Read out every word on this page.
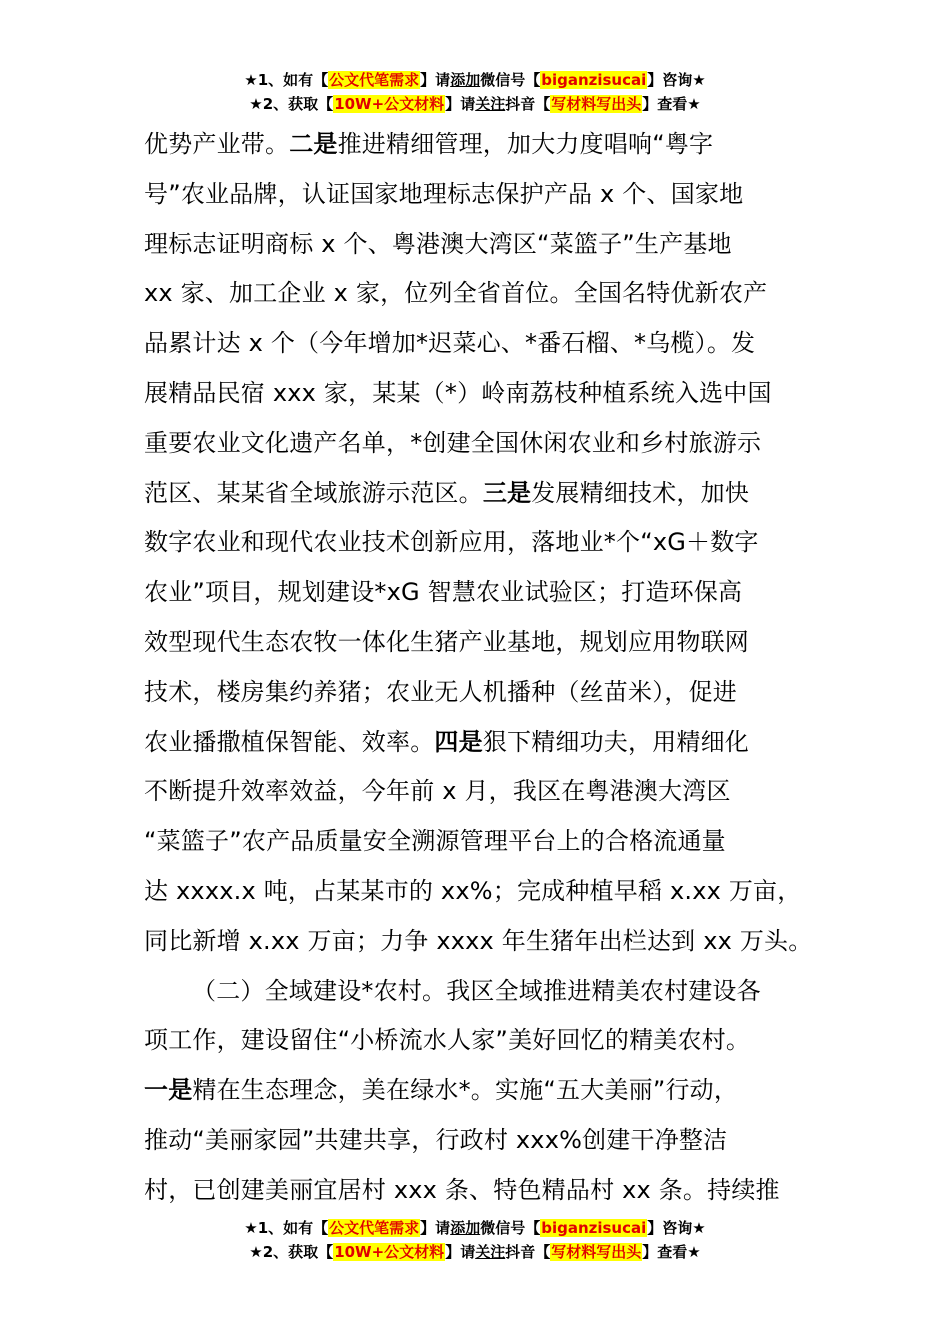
★1、如有【公文代笔需求】请添加微信号【biganzisucai】咨询★
★2、获取【10W+公文材料】请关注抖音【写材料写出头】查看★
优势产业带。二是推进精细管理，加大力度唱响“粤字
号”农业品牌，认证国家地理标志保护产品 x 个、国家地
理标志证明商标 x 个、粤港澳大湾区“菜篮子”生产基地
xx 家、加工企业 x 家，位列全省首位。全国名特优新农产
品累计达 x 个（今年增加*迟菜心、*番石榴、*乌榄）。发
展精品民宿 xxx 家，某某（*）岭南荔枝种植系统入选中国
重要农业文化遗产名单，*创建全国休闲农业和乡村旅游示
范区、某某省全域旅游示范区。三是发展精细技术，加快
数字农业和现代农业技术创新应用，落地业*个“xG＋数字
农业”项目，规划建设*xG 智慧农业试验区；打造环保高
效型现代生态农牧一体化生猪产业基地，规划应用物联网
技术，楼房集约养猪；农业无人机播种（丝苗米），促进
农业播撒植保智能、效率。四是狠下精细功夫，用精细化
不断提升效率效益，今年前 x 月，我区在粤港澳大湾区
“菜篮子”农产品质量安全溯源管理平台上的合格流通量
达 xxxx.x 吨，占某某市的 xx%；完成种植早稻 x.xx 万亩，
同比新增 x.xx 万亩；力争 xxxx 年生猪年出栏达到 xx 万头。
（二）全域建设*农村。我区全域推进精美农村建设各
项工作，建设留住“小桥流水人家”美好回忆的精美农村。
一是精在生态理念，美在绿水*。实施“五大美丽”行动，
推动“美丽家园”共建共享，行政村 xxx%创建干净整洁
村，已创建美丽宜居村 xxx 条、特色精品村 xx 条。持续推
★1、如有【公文代笔需求】请添加微信号【biganzisucai】咨询★
★2、获取【10W+公文材料】请关注抖音【写材料写出头】查看★
